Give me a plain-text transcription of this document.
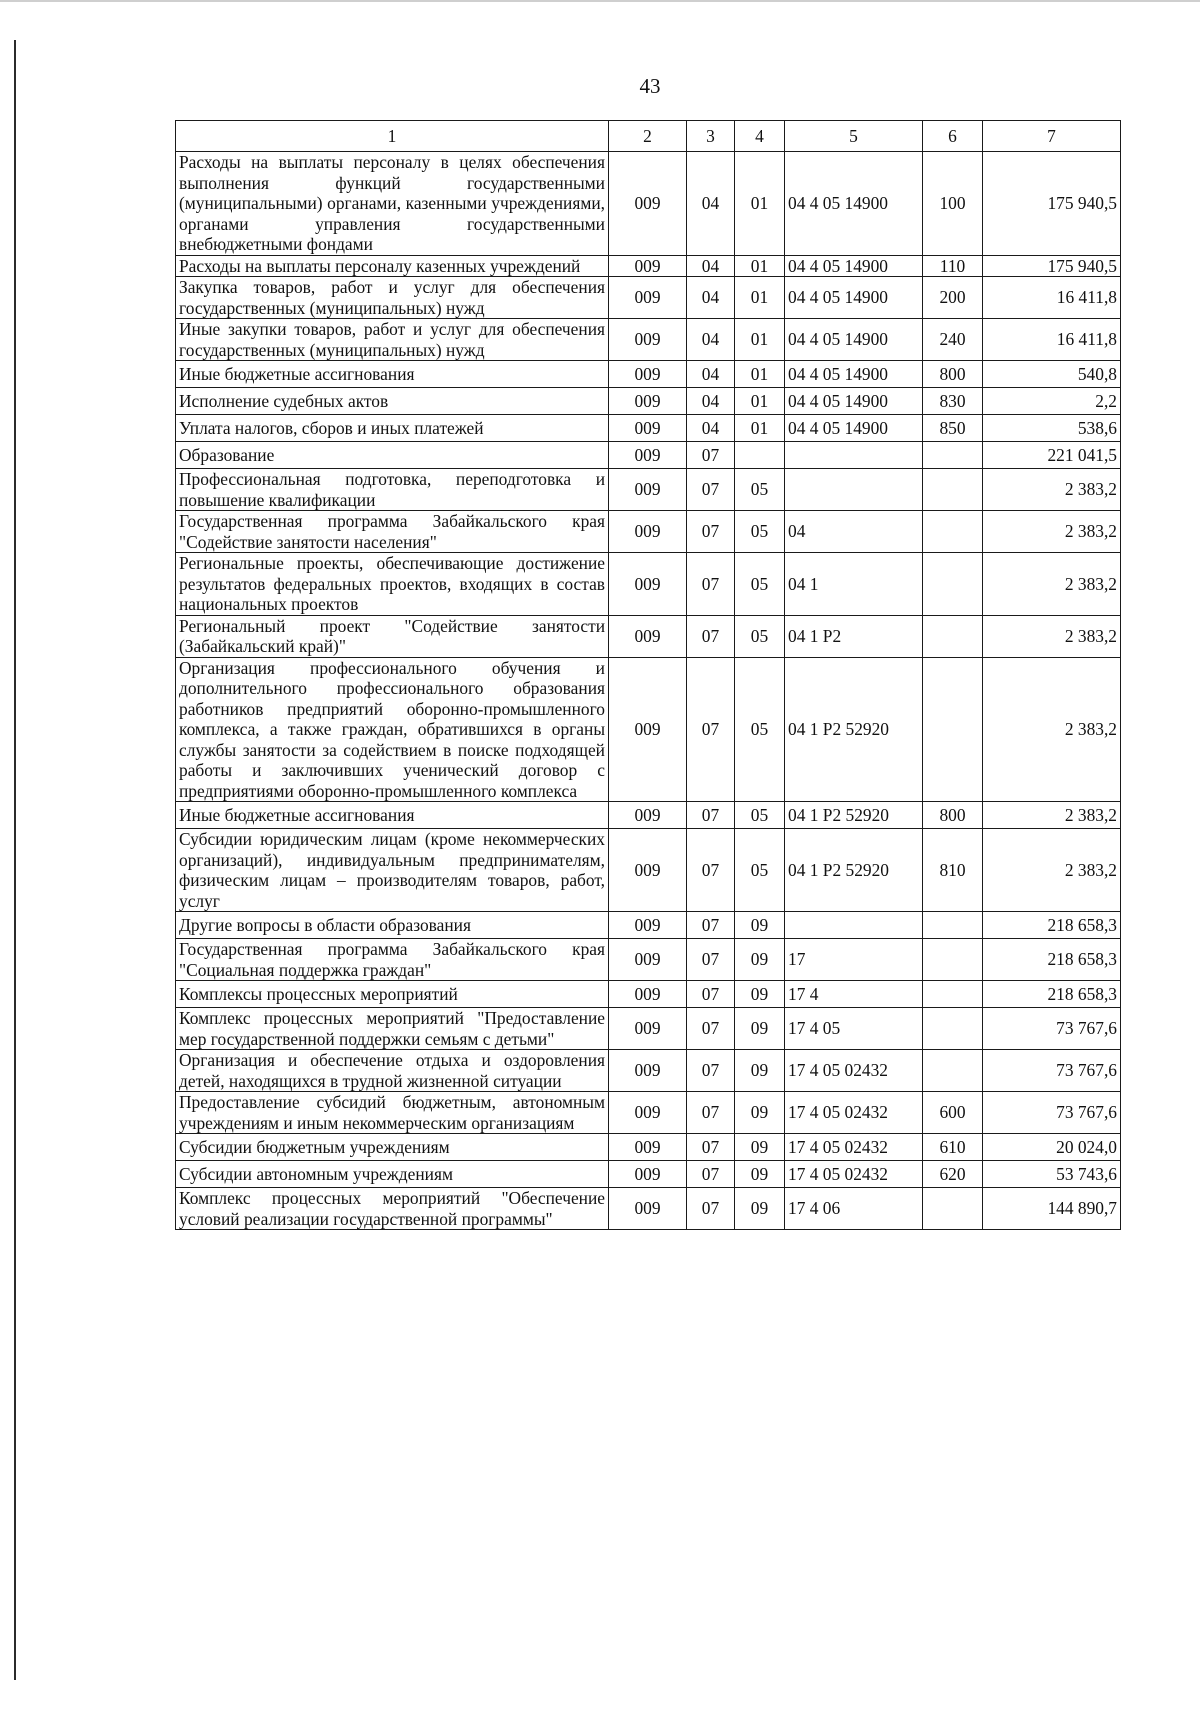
43
1	2	3	4	5	6	7
Расходы на выплаты персоналу в целях обеспечения выполнения функций государственными (муниципальными) органами, казенными учреждениями, органами управления государственными внебюджетными фондами	009	04	01	04 4 05 14900	100	175 940,5
Расходы на выплаты персоналу казенных учреждений	009	04	01	04 4 05 14900	110	175 940,5
Закупка товаров, работ и услуг для обеспечения государственных (муниципальных) нужд	009	04	01	04 4 05 14900	200	16 411,8
Иные закупки товаров, работ и услуг для обеспечения государственных (муниципальных) нужд	009	04	01	04 4 05 14900	240	16 411,8
Иные бюджетные ассигнования	009	04	01	04 4 05 14900	800	540,8
Исполнение судебных актов	009	04	01	04 4 05 14900	830	2,2
Уплата налогов, сборов и иных платежей	009	04	01	04 4 05 14900	850	538,6
Образование	009	07				221 041,5
Профессиональная подготовка, переподготовка и повышение квалификации	009	07	05			2 383,2
Государственная программа Забайкальского края "Содействие занятости населения"	009	07	05	04		2 383,2
Региональные проекты, обеспечивающие достижение результатов федеральных проектов, входящих в состав национальных проектов	009	07	05	04 1		2 383,2
Региональный проект "Содействие занятости (Забайкальский край)"	009	07	05	04 1 P2		2 383,2
Организация профессионального обучения и дополнительного профессионального образования работников предприятий оборонно-промышленного комплекса, а также граждан, обратившихся в органы службы занятости за содействием в поиске подходящей работы и заключивших ученический договор с предприятиями оборонно-промышленного комплекса	009	07	05	04 1 P2 52920		2 383,2
Иные бюджетные ассигнования	009	07	05	04 1 P2 52920	800	2 383,2
Субсидии юридическим лицам (кроме некоммерческих организаций), индивидуальным предпринимателям, физическим лицам – производителям товаров, работ, услуг	009	07	05	04 1 P2 52920	810	2 383,2
Другие вопросы в области образования	009	07	09			218 658,3
Государственная программа Забайкальского края "Социальная поддержка граждан"	009	07	09	17		218 658,3
Комплексы процессных мероприятий	009	07	09	17 4		218 658,3
Комплекс процессных мероприятий "Предоставление мер государственной поддержки семьям с детьми"	009	07	09	17 4 05		73 767,6
Организация и обеспечение отдыха и оздоровления детей, находящихся в трудной жизненной ситуации	009	07	09	17 4 05 02432		73 767,6
Предоставление субсидий бюджетным, автономным учреждениям и иным некоммерческим организациям	009	07	09	17 4 05 02432	600	73 767,6
Субсидии бюджетным учреждениям	009	07	09	17 4 05 02432	610	20 024,0
Субсидии автономным учреждениям	009	07	09	17 4 05 02432	620	53 743,6
Комплекс процессных мероприятий "Обеспечение условий реализации государственной программы"	009	07	09	17 4 06		144 890,7
